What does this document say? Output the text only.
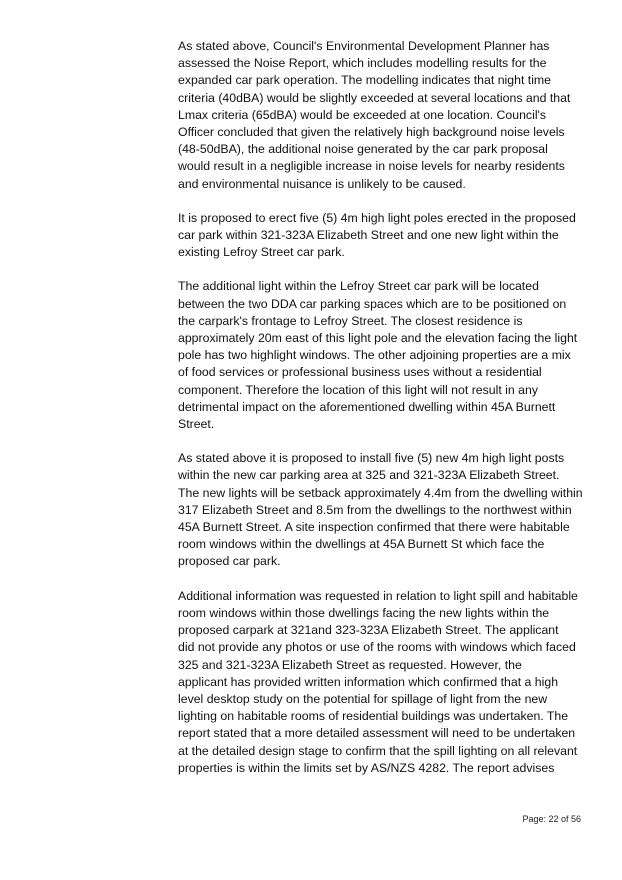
As stated above, Council's Environmental Development Planner has
assessed the Noise Report, which includes modelling results for the
expanded car park operation. The modelling indicates that night time
criteria (40dBA) would be slightly exceeded at several locations and that
Lmax criteria (65dBA) would be exceeded at one location. Council's
Officer concluded that given the relatively high background noise levels
(48-50dBA), the additional noise generated by the car park proposal
would result in a negligible increase in noise levels for nearby residents
and environmental nuisance is unlikely to be caused.

It is proposed to erect five (5) 4m high light poles erected in the proposed
car park within 321-323A Elizabeth Street and one new light within the
existing Lefroy Street car park.

The additional light within the Lefroy Street car park will be located
between the two DDA car parking spaces which are to be positioned on
the carpark's frontage to Lefroy Street. The closest residence is
approximately 20m east of this light pole and the elevation facing the light
pole has two highlight windows. The other adjoining properties are a mix
of food services or professional business uses without a residential
component. Therefore the location of this light will not result in any
detrimental impact on the aforementioned dwelling within 45A Burnett
Street.

As stated above it is proposed to install five (5) new 4m high light posts
within the new car parking area at 325 and 321-323A Elizabeth Street.
The new lights will be setback approximately 4.4m from the dwelling within
317 Elizabeth Street and 8.5m from the dwellings to the northwest within
45A Burnett Street. A site inspection confirmed that there were habitable
room windows within the dwellings at 45A Burnett St which face the
proposed car park.

Additional information was requested in relation to light spill and habitable
room windows within those dwellings facing the new lights within the
proposed carpark at 321and 323-323A Elizabeth Street. The applicant
did not provide any photos or use of the rooms with windows which faced
325 and 321-323A Elizabeth Street as requested. However, the
applicant has provided written information which confirmed that a high
level desktop study on the potential for spillage of light from the new
lighting on habitable rooms of residential buildings was undertaken. The
report stated that a more detailed assessment will need to be undertaken
at the detailed design stage to confirm that the spill lighting on all relevant
properties is within the limits set by AS/NZS 4282. The report advises

Page: 22 of 56
